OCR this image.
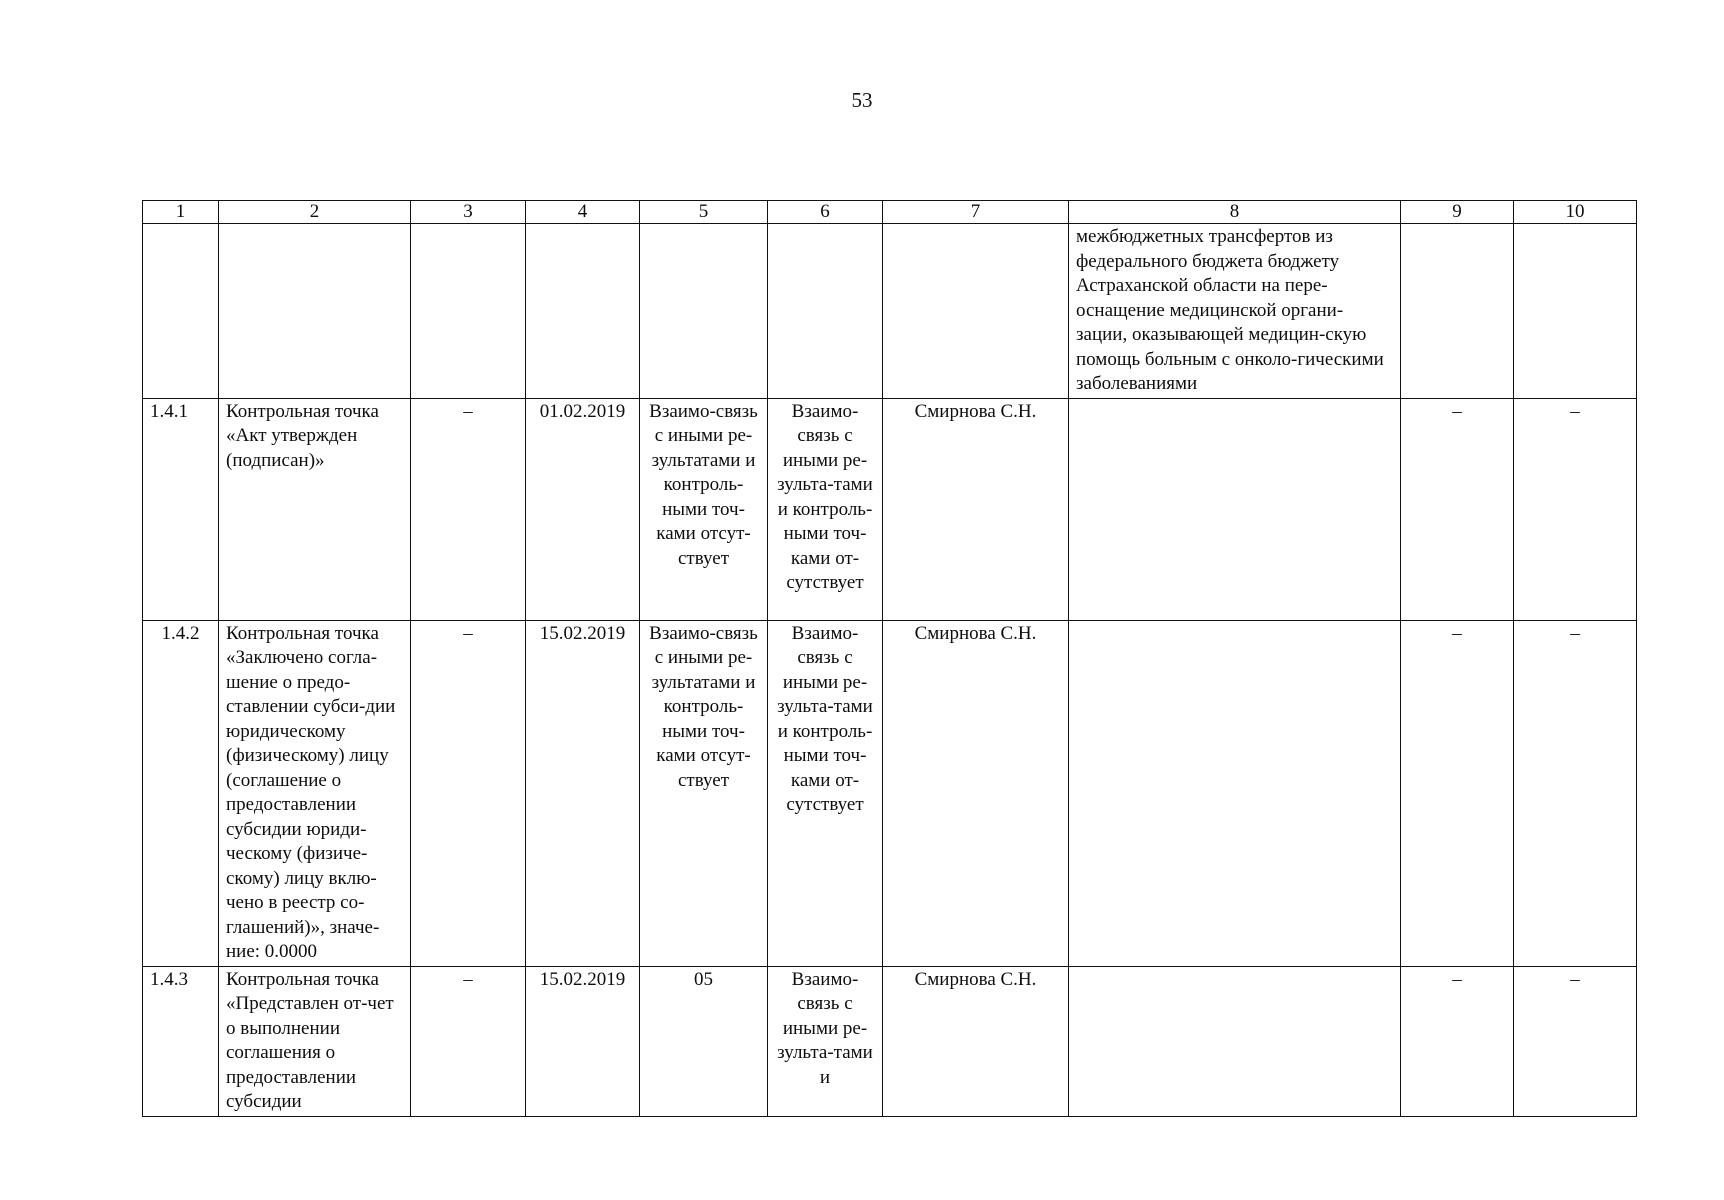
53
1	2	3	4	5	6	7	8	9	10
							межбюджетных трансфертов из федерального бюджета бюджету Астраханской области на пере-оснащение медицинской органи-зации, оказывающей медицин-скую помощь больным с онколо-гическими заболеваниями		
1.4.1	Контрольная точка «Акт утвержден (подписан)»	–	01.02.2019	Взаимо-связь с иными ре-зультатами и контроль-ными точ-ками отсут-ствует	Взаимо-связь с иными ре-зульта-тами и контроль-ными точ-ками от-сутствует	Смирнова С.Н.		–	–
1.4.2	Контрольная точка «Заключено согла-шение о предо-ставлении субси-дии юридическому (физическому) лицу (соглашение о предоставлении субсидии юриди-ческому (физиче-скому) лицу вклю-чено в реестр со-глашений)», значе-ние: 0.0000	–	15.02.2019	Взаимо-связь с иными ре-зультатами и контроль-ными точ-ками отсут-ствует	Взаимо-связь с иными ре-зульта-тами и контроль-ными точ-ками от-сутствует	Смирнова С.Н.		–	–
1.4.3	Контрольная точка «Представлен от-чет о выполнении соглашения о предоставлении субсидии	–	15.02.2019	05	Взаимо-связь с иными ре-зульта-тами и	Смирнова С.Н.		–	–
